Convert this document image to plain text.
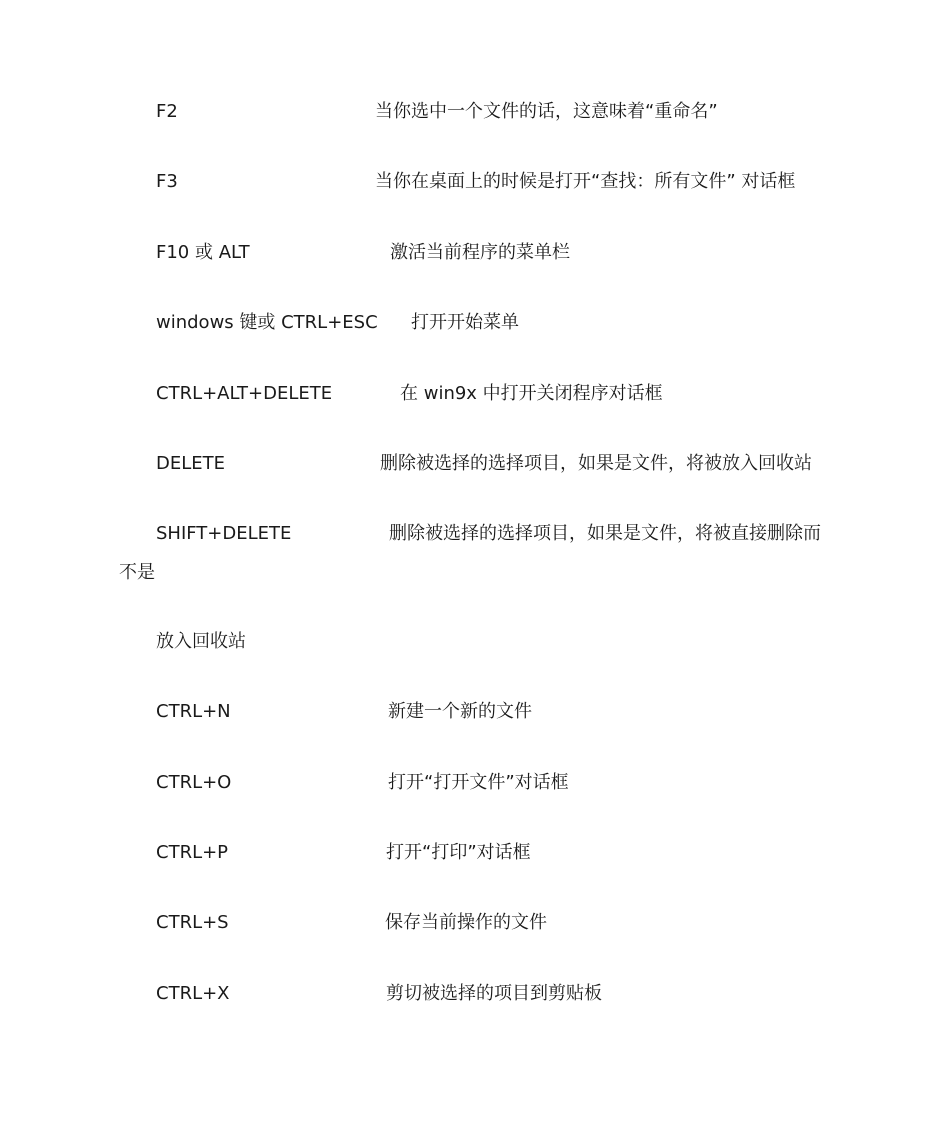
F2	当你选中一个文件的话，这意味着“重命名”
F3	当你在桌面上的时候是打开“查找：所有文件” 对话框
F10 或 ALT	激活当前程序的菜单栏
windows 键或 CTRL+ESC 打开开始菜单
CTRL+ALT+DELETE	在 win9x 中打开关闭程序对话框
DELETE	删除被选择的选择项目，如果是文件，将被放入回收站
SHIFT+DELETE	删除被选择的选择项目，如果是文件，将被直接删除而
不是
放入回收站
CTRL+N	新建一个新的文件
CTRL+O	打开“打开文件”对话框
CTRL+P	打开“打印”对话框
CTRL+S	保存当前操作的文件
CTRL+X	剪切被选择的项目到剪贴板
